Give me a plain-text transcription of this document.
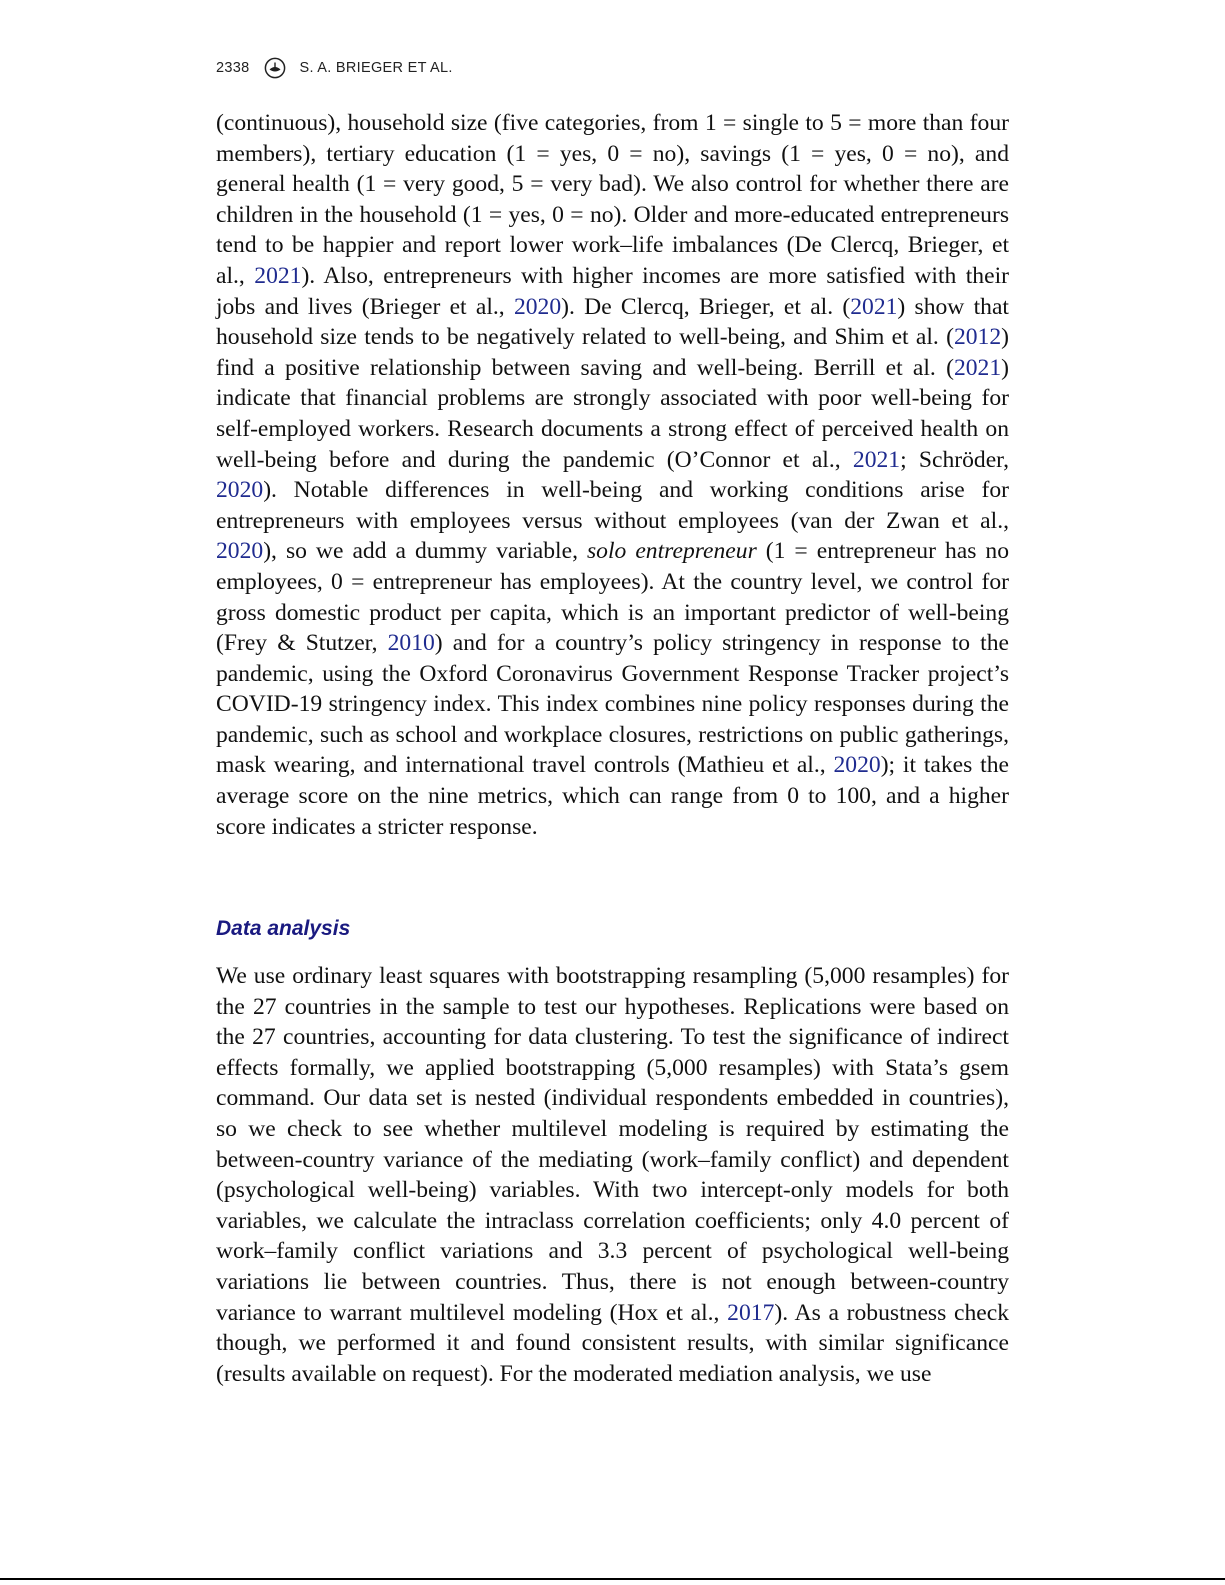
2338	S. A. BRIEGER ET AL.

(continuous), household size (five categories, from 1 = single to 5 = more than four members), tertiary education (1 = yes, 0 = no), savings (1 = yes, 0 = no), and general health (1 = very good, 5 = very bad). We also control for whether there are children in the household (1 = yes, 0 = no). Older and more-educated entrepreneurs tend to be happier and report lower work–life imbalances (De Clercq, Brieger, et al., 2021). Also, entrepreneurs with higher incomes are more satisfied with their jobs and lives (Brieger et al., 2020). De Clercq, Brieger, et al. (2021) show that household size tends to be negatively related to well-being, and Shim et al. (2012) find a positive relationship between saving and well-being. Berrill et al. (2021) indicate that financial problems are strongly associated with poor well-being for self-employed workers. Research documents a strong effect of perceived health on well-being before and during the pandemic (O’Connor et al., 2021; Schröder, 2020). Notable differences in well-being and working conditions arise for entrepreneurs with employees versus without employees (van der Zwan et al., 2020), so we add a dummy variable, solo entrepreneur (1 = entrepreneur has no employees, 0 = entrepreneur has employees). At the country level, we control for gross domestic product per capita, which is an important predictor of well-being (Frey & Stutzer, 2010) and for a country’s policy stringency in response to the pandemic, using the Oxford Coronavirus Government Response Tracker project’s COVID-19 stringency index. This index combines nine policy responses during the pandemic, such as school and workplace closures, restrictions on public gatherings, mask wearing, and international travel controls (Mathieu et al., 2020); it takes the average score on the nine metrics, which can range from 0 to 100, and a higher score indicates a stricter response.

Data analysis

We use ordinary least squares with bootstrapping resampling (5,000 resamples) for the 27 countries in the sample to test our hypotheses. Replications were based on the 27 countries, accounting for data clustering. To test the significance of indirect effects formally, we applied bootstrapping (5,000 resamples) with Stata’s gsem command. Our data set is nested (individual respondents embedded in countries), so we check to see whether multilevel modeling is required by estimating the between-country variance of the mediating (work–family conflict) and dependent (psychological well-being) variables. With two intercept-only models for both variables, we calculate the intraclass correlation coefficients; only 4.0 percent of work–family conflict variations and 3.3 percent of psychological well-being variations lie between countries. Thus, there is not enough between-country variance to warrant multilevel modeling (Hox et al., 2017). As a robustness check though, we performed it and found consistent results, with similar significance (results available on request). For the moderated mediation analysis, we use
